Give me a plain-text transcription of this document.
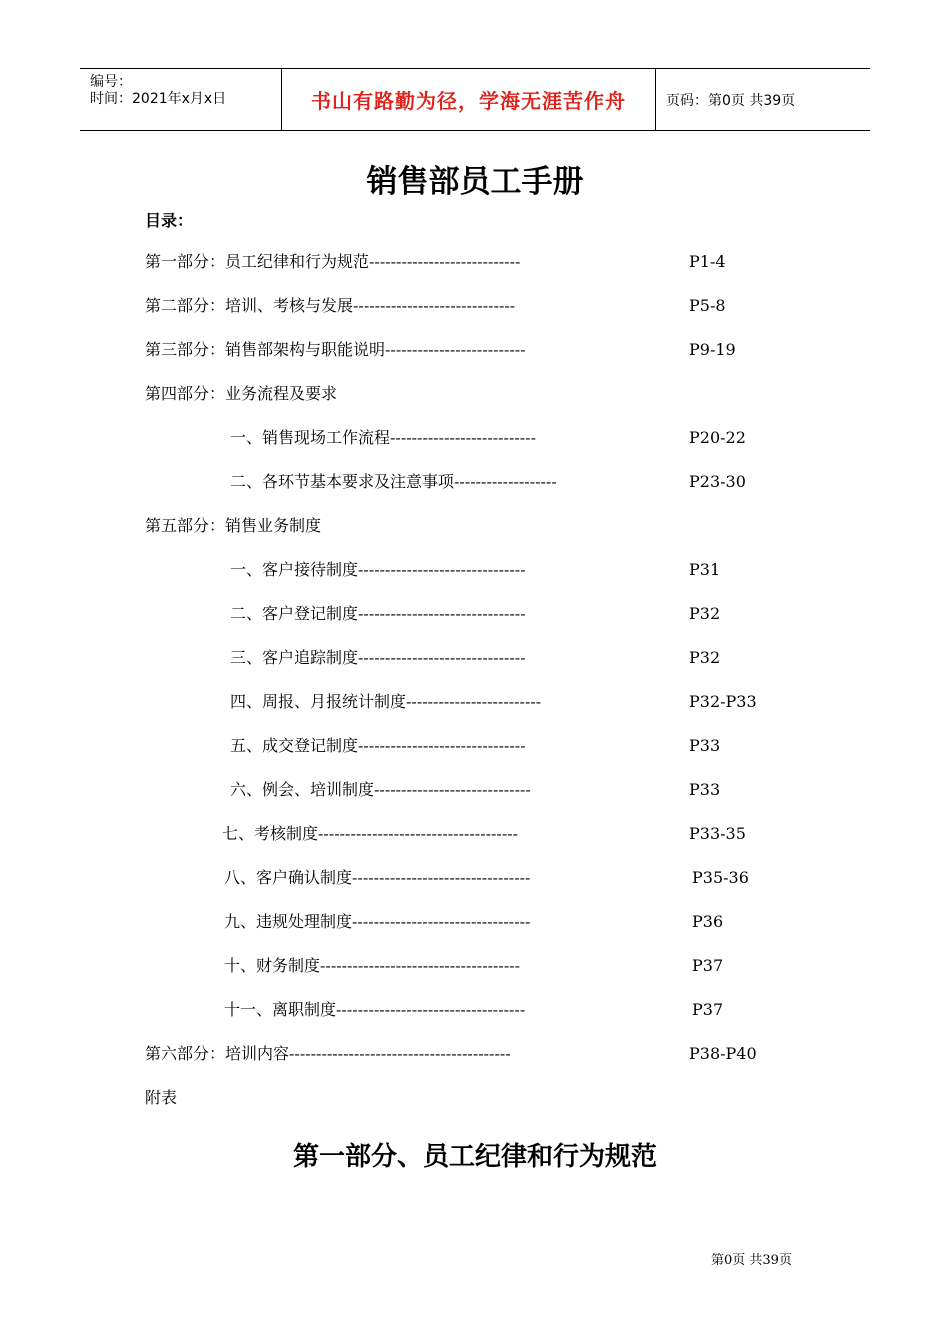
编号：
时间：2021年x月x日	书山有路勤为径，学海无涯苦作舟	页码：第0页 共39页
销售部员工手册
目录：
第一部分：员工纪律和行为规范 ----------------------------	P1-4
第二部分：培训、考核与发展 ------------------------------	P5-8
第三部分：销售部架构与职能说明 --------------------------	P9-19
第四部分：业务流程及要求
一、销售现场工作流程 ---------------------------	P20-22
二、各环节基本要求及注意事项 -------------------	P23-30
第五部分：销售业务制度
一、客户接待制度 -------------------------------	P31
二、客户登记制度 -------------------------------	P32
三、客户追踪制度 -------------------------------	P32
四、周报、月报统计制度 -------------------------	P32-P33
五、成交登记制度 -------------------------------	P33
六、例会、培训制度 -----------------------------	P33
七、考核制度 -------------------------------------	P33-35
八、客户确认制度 ---------------------------------	P35-36
九、违规处理制度 ---------------------------------	P36
十、财务制度 -------------------------------------	P37
十一、离职制度 -----------------------------------	P37
第六部分：培训内容 -----------------------------------------	P38-P40
附表
第一部分、员工纪律和行为规范
第0页 共39页
